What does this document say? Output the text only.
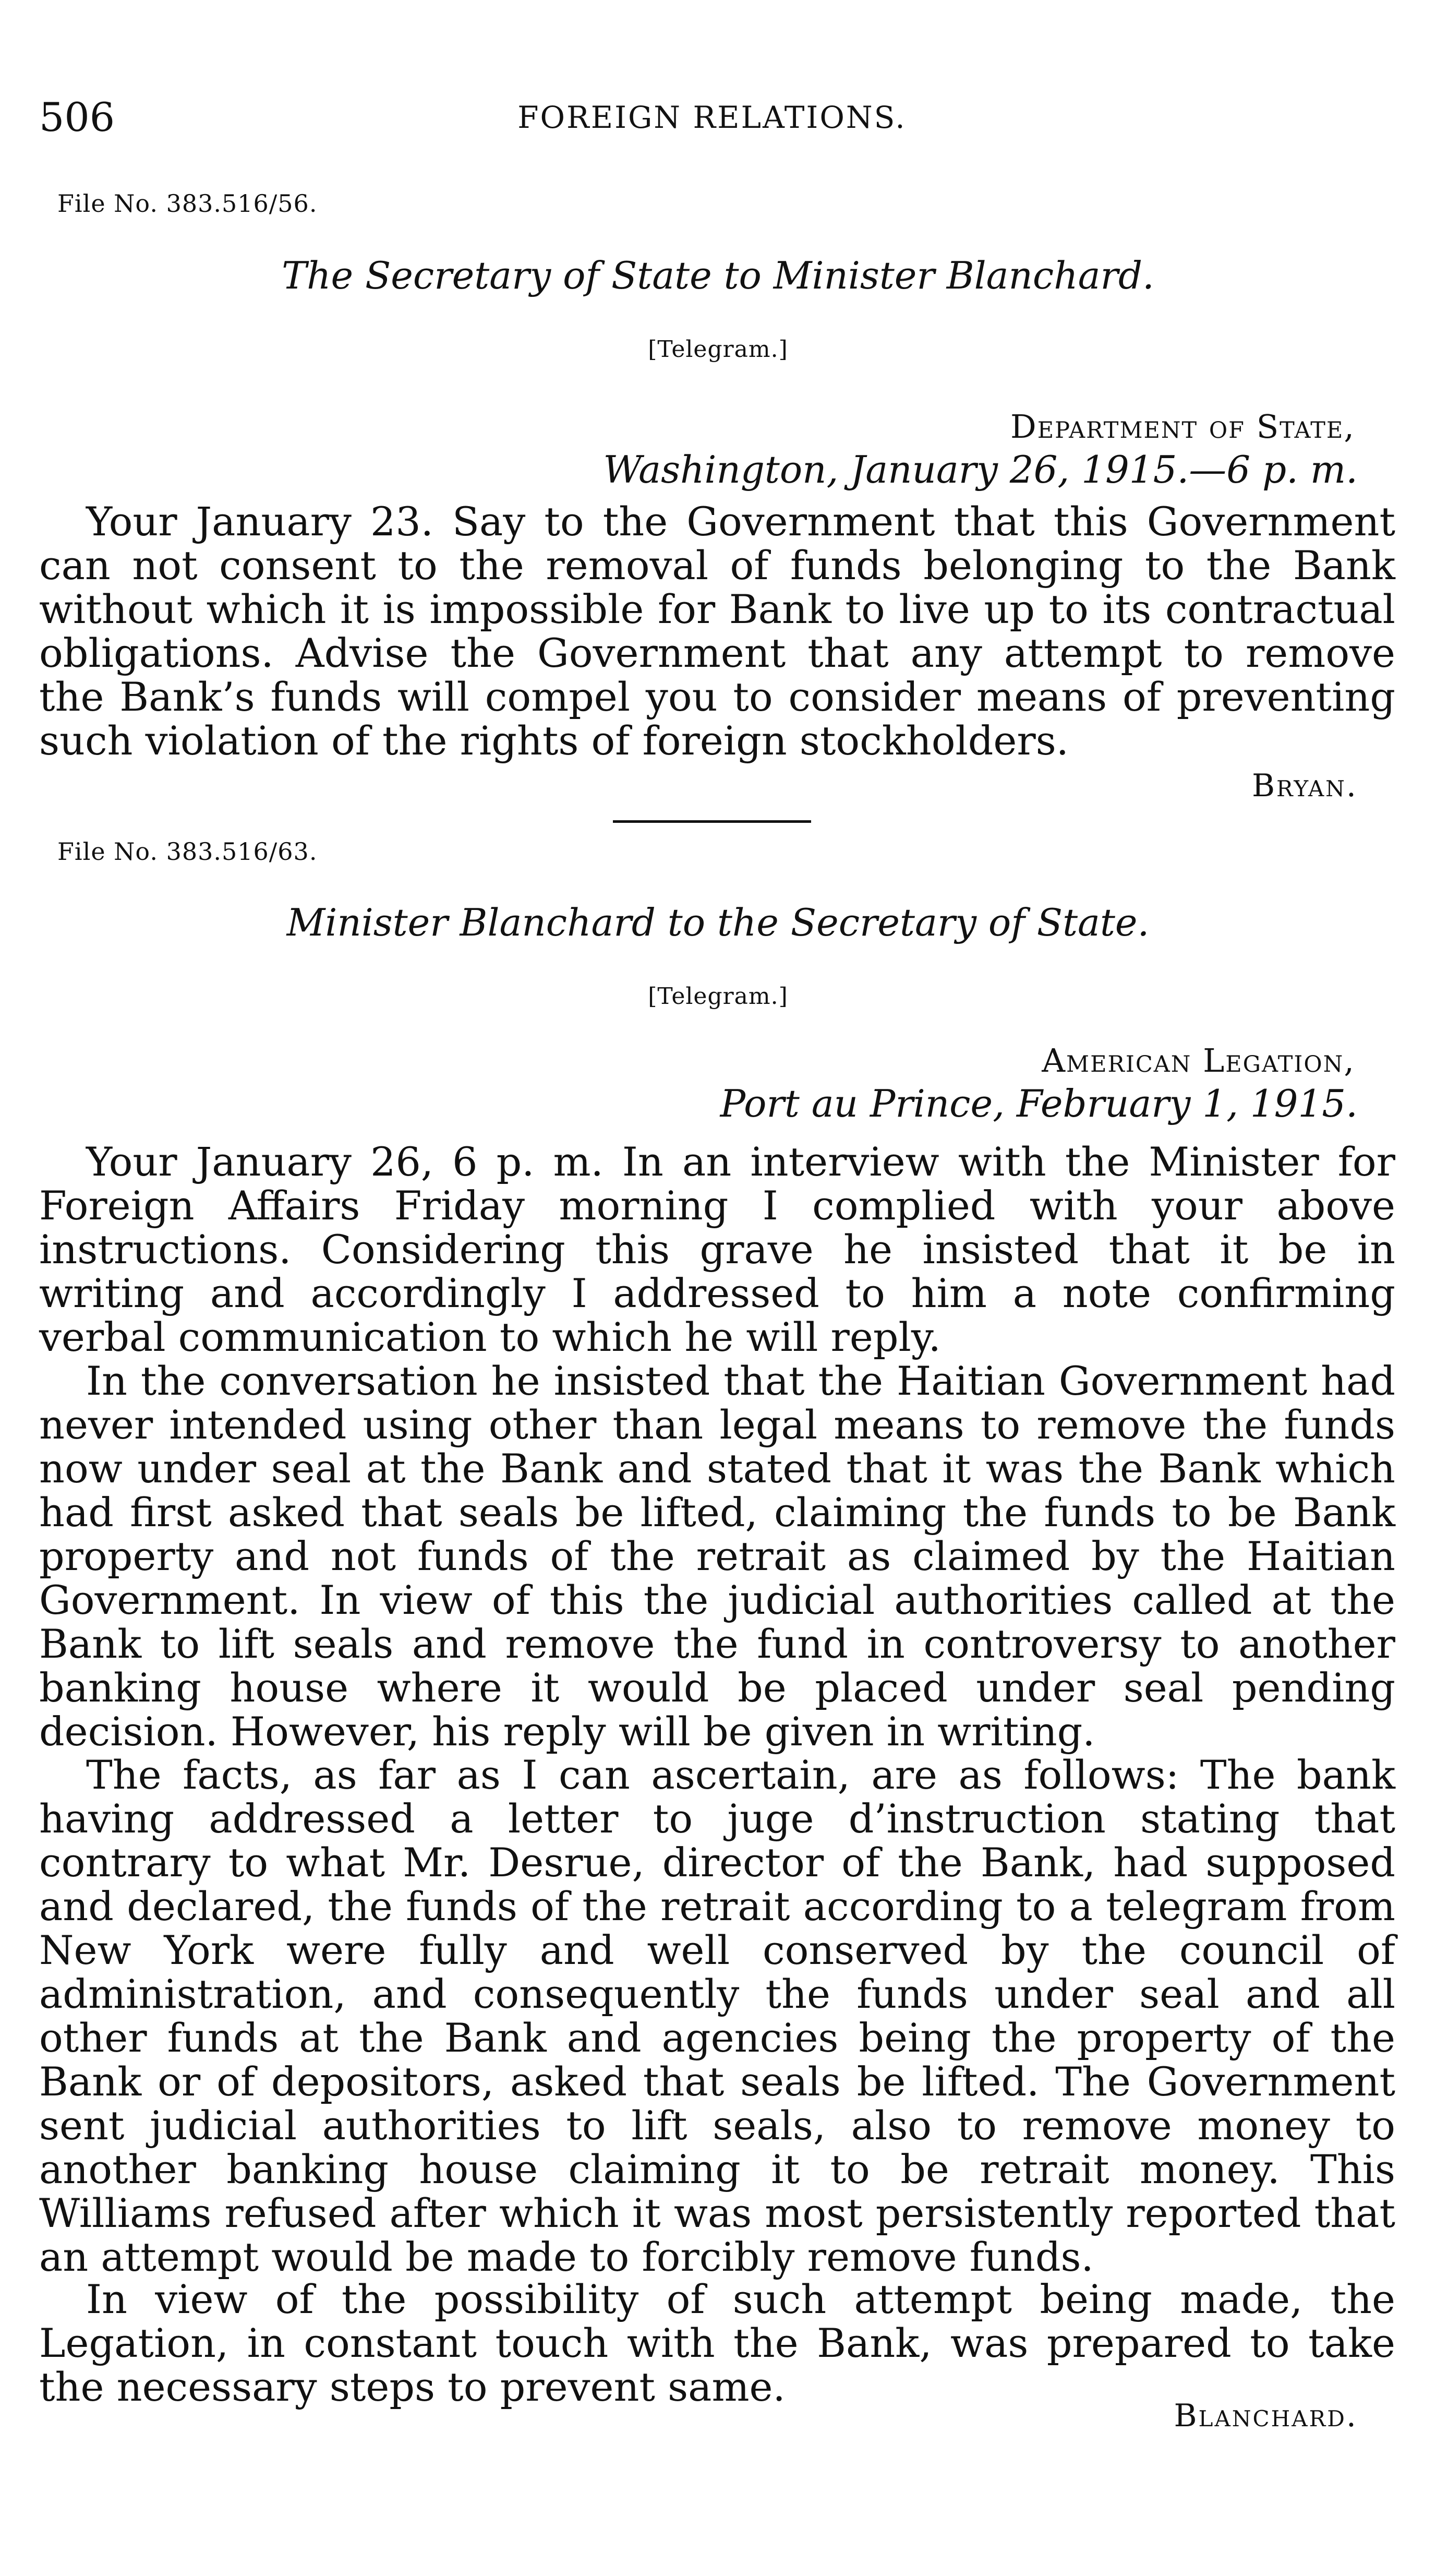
506	FOREIGN RELATIONS.
File No. 383.516/56.
The Secretary of State to Minister Blanchard.
[Telegram.]
Department of State,
Washington, January 26, 1915.—6 p. m.
Your January 23. Say to the Government that this Government can not consent to the removal of funds belonging to the Bank without which it is impossible for Bank to live up to its contractual obligations. Advise the Government that any attempt to remove the Bank’s funds will compel you to consider means of preventing such violation of the rights of foreign stockholders.
Bryan.
File No. 383.516/63.
Minister Blanchard to the Secretary of State.
[Telegram.]
American Legation,
Port au Prince, February 1, 1915.
Your January 26, 6 p. m. In an interview with the Minister for Foreign Affairs Friday morning I complied with your above instructions. Considering this grave he insisted that it be in writing and accordingly I addressed to him a note confirming verbal communication to which he will reply.
In the conversation he insisted that the Haitian Government had never intended using other than legal means to remove the funds now under seal at the Bank and stated that it was the Bank which had first asked that seals be lifted, claiming the funds to be Bank property and not funds of the retrait as claimed by the Haitian Government. In view of this the judicial authorities called at the Bank to lift seals and remove the fund in controversy to another banking house where it would be placed under seal pending decision. However, his reply will be given in writing.
The facts, as far as I can ascertain, are as follows: The bank having addressed a letter to juge d’instruction stating that contrary to what Mr. Desrue, director of the Bank, had supposed and declared, the funds of the retrait according to a telegram from New York were fully and well conserved by the council of administration, and consequently the funds under seal and all other funds at the Bank and agencies being the property of the Bank or of depositors, asked that seals be lifted. The Government sent judicial authorities to lift seals, also to remove money to another banking house claiming it to be retrait money. This Williams refused after which it was most persistently reported that an attempt would be made to forcibly remove funds.
In view of the possibility of such attempt being made, the Legation, in constant touch with the Bank, was prepared to take the necessary steps to prevent same.
Blanchard.
